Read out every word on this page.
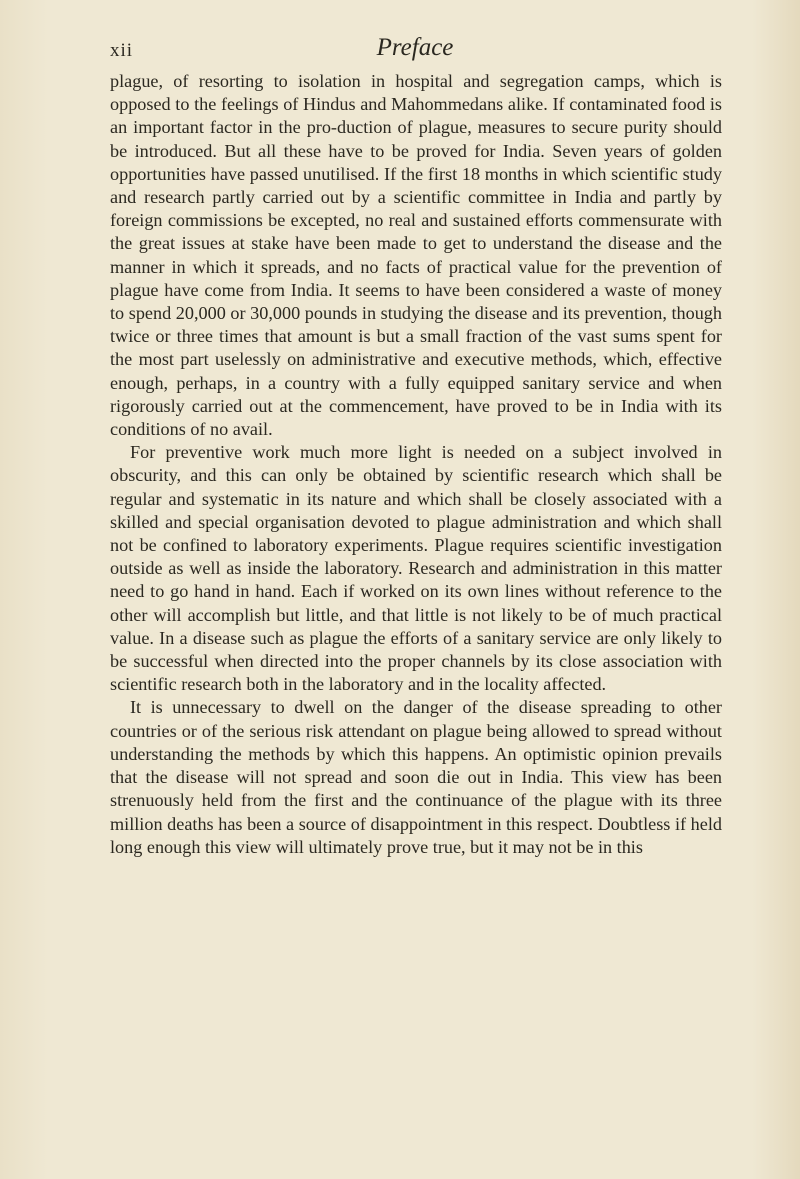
xii	Preface

plague, of resorting to isolation in hospital and segregation camps, which is opposed to the feelings of Hindus and Mahommedans alike. If contaminated food is an important factor in the pro-duction of plague, measures to secure purity should be introduced. But all these have to be proved for India. Seven years of golden opportunities have passed unutilised. If the first 18 months in which scientific study and research partly carried out by a scientific committee in India and partly by foreign commissions be excepted, no real and sustained efforts commensurate with the great issues at stake have been made to get to understand the disease and the manner in which it spreads, and no facts of practical value for the prevention of plague have come from India. It seems to have been considered a waste of money to spend 20,000 or 30,000 pounds in studying the disease and its prevention, though twice or three times that amount is but a small fraction of the vast sums spent for the most part uselessly on administrative and executive methods, which, effective enough, perhaps, in a country with a fully equipped sanitary service and when rigorously carried out at the commencement, have proved to be in India with its conditions of no avail.

For preventive work much more light is needed on a subject involved in obscurity, and this can only be obtained by scientific research which shall be regular and systematic in its nature and which shall be closely associated with a skilled and special organisation devoted to plague administration and which shall not be confined to laboratory experiments. Plague requires scientific investigation outside as well as inside the laboratory. Research and administration in this matter need to go hand in hand. Each if worked on its own lines without reference to the other will accomplish but little, and that little is not likely to be of much practical value. In a disease such as plague the efforts of a sanitary service are only likely to be successful when directed into the proper channels by its close association with scientific research both in the laboratory and in the locality affected.

It is unnecessary to dwell on the danger of the disease spreading to other countries or of the serious risk attendant on plague being allowed to spread without understanding the methods by which this happens. An optimistic opinion prevails that the disease will not spread and soon die out in India. This view has been strenuously held from the first and the continuance of the plague with its three million deaths has been a source of disappointment in this respect. Doubtless if held long enough this view will ultimately prove true, but it may not be in this
